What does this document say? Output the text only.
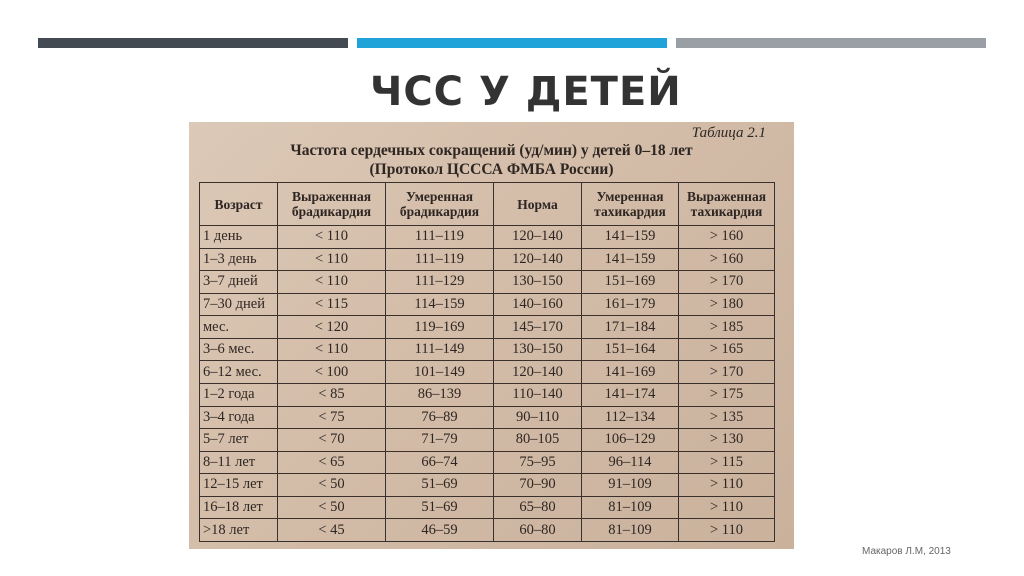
ЧСС У ДЕТЕЙ
Таблица 2.1
Частота сердечных сокращений (уд/мин) у детей 0–18 лет
(Протокол ЦСССА ФМБА России)
Возраст	Выраженная брадикардия	Умеренная брадикардия	Норма	Умеренная тахикардия	Выраженная тахикардия
1 день	< 110	111–119	120–140	141–159	> 160
1–3 день	< 110	111–119	120–140	141–159	> 160
3–7 дней	< 110	111–129	130–150	151–169	> 170
7–30 дней	< 115	114–159	140–160	161–179	> 180
мес.	< 120	119–169	145–170	171–184	> 185
3–6 мес.	< 110	111–149	130–150	151–164	> 165
6–12 мес.	< 100	101–149	120–140	141–169	> 170
1–2 года	< 85	86–139	110–140	141–174	> 175
3–4 года	< 75	76–89	90–110	112–134	> 135
5–7 лет	< 70	71–79	80–105	106–129	> 130
8–11 лет	< 65	66–74	75–95	96–114	> 115
12–15 лет	< 50	51–69	70–90	91–109	> 110
16–18 лет	< 50	51–69	65–80	81–109	> 110
>18 лет	< 45	46–59	60–80	81–109	> 110
Макаров Л.М, 2013
